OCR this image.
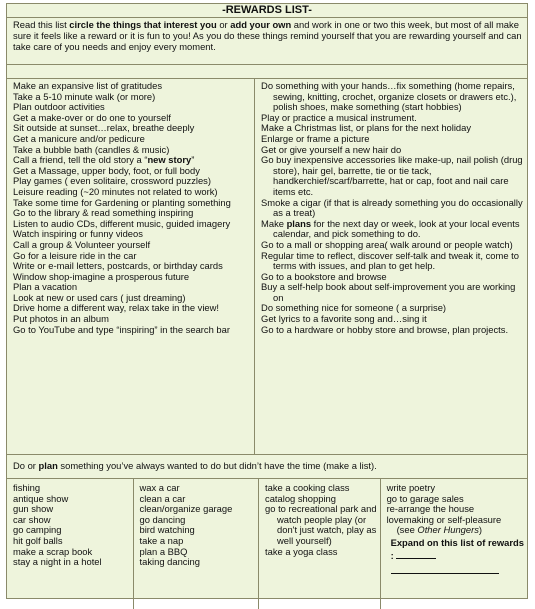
-REWARDS LIST-
Read this list circle the things that interest you or add your own and work in one or two this week, but most of all make sure it feels like a reward or it is fun to you! As you do these things remind yourself that you are rewarding yourself and can take care of you needs and enjoy every moment.
Make an expansive list of gratitudes
Take a 5-10 minute walk (or more)
Plan outdoor activities
Get a make-over or do one to yourself
Sit outside at sunset…relax, breathe deeply
Get a manicure and/or pedicure
Take a bubble bath (candles & music)
Call a friend, tell the old story a “new story”
Get a Massage, upper body, foot, or full body
Play games ( even solitaire, crossword puzzles)
Leisure reading (~20 minutes not related to work)
Take some time for Gardening or planting something
Go to the library & read something inspiring
Listen to audio CDs, different music, guided imagery
Watch inspiring or funny videos
Call a group & Volunteer yourself
Go for a leisure ride in the car
Write or e-mail letters, postcards, or birthday cards
Window shop-imagine a prosperous future
Plan a vacation
Look at new or used cars ( just dreaming)
Drive home a different way, relax take in the view!
Put photos in an album
Go to YouTube and type “inspiring” in the search bar
Do something with your hands…fix something (home repairs, sewing, knitting, crochet, organize closets or drawers etc.), polish shoes, make something (start hobbies)
Play or practice a musical instrument.
Make a Christmas list, or plans for the next holiday
Enlarge or frame a picture
Get or give yourself a new hair do
Go buy inexpensive accessories like make-up, nail polish (drug store), hair gel, barrette, tie or tie tack, handkerchief/scarf/barrette, hat or cap, foot and nail care items etc.
Smoke a cigar (if that is already something you do occasionally as a treat)
Make plans for the next day or week, look at your local events calendar, and pick something to do.
Go to a mall or shopping area( walk around or people watch)
Regular time to reflect, discover self-talk and tweak it, come to terms with issues, and plan to get help.
Go to a bookstore and browse
Buy a self-help book about self-improvement you are working on
Do something nice for someone ( a surprise)
Get lyrics to a favorite song and…sing it
Go to a hardware or hobby store and browse, plan projects.
Do or plan something you’ve always wanted to do but didn’t have the time (make a list).
fishing
antique show
gun show
car show
go camping
hit golf balls
make a scrap book
stay a night in a hotel
wax a car
clean a car
clean/organize garage
go dancing
bird watching
take a nap
plan a BBQ
taking dancing
take a cooking class
catalog shopping
go to recreational park and watch people play (or don't just watch, play as well yourself)
take a yoga class
write poetry
go to garage sales
re-arrange the house
lovemaking or self-pleasure
(see Other Hungers)
Expand on this list of rewards :
